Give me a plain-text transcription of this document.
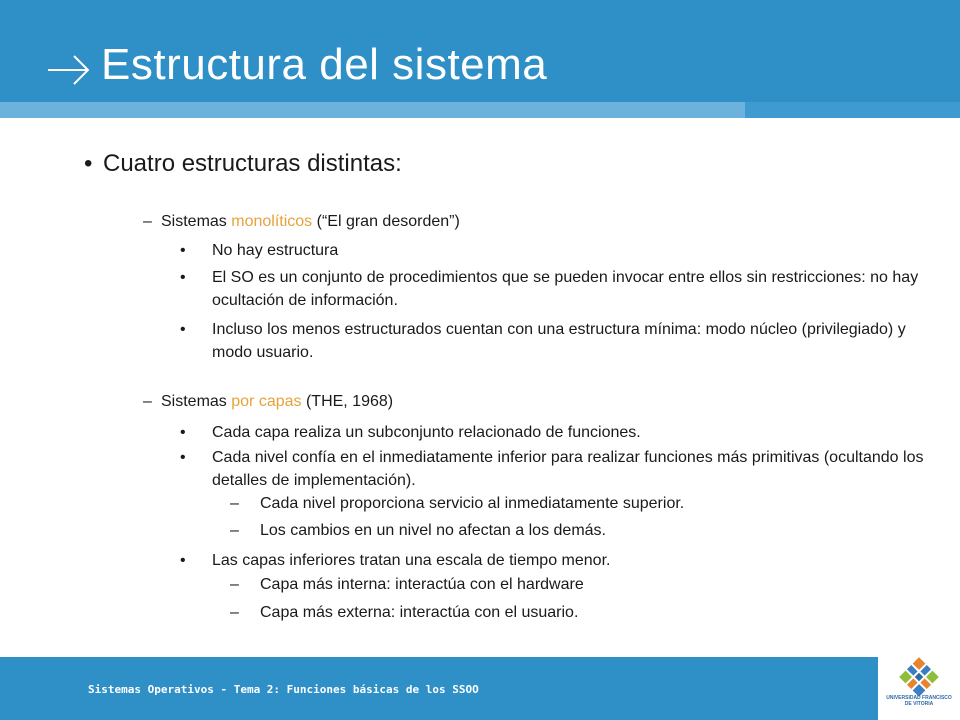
Estructura del sistema
• Cuatro estructuras distintas:
– Sistemas monolíticos (“El gran desorden”)
• No hay estructura
• El SO es un conjunto de procedimientos que se pueden invocar entre ellos sin restricciones: no hay ocultación de información.
• Incluso los menos estructurados cuentan con una estructura mínima: modo núcleo (privilegiado) y modo usuario.
– Sistemas por capas (THE, 1968)
• Cada capa realiza un subconjunto relacionado de funciones.
• Cada nivel confía en el inmediatamente inferior para realizar funciones más primitivas (ocultando los detalles de implementación).
– Cada nivel proporciona servicio al inmediatamente superior.
– Los cambios en un nivel no afectan a los demás.
• Las capas inferiores tratan una escala de tiempo menor.
– Capa más interna: interactúa con el hardware
– Capa más externa: interactúa con el usuario.
Sistemas Operativos - Tema 2: Funciones básicas de los SSOO
UNIVERSIDAD FRANCISCO DE VITORIA
